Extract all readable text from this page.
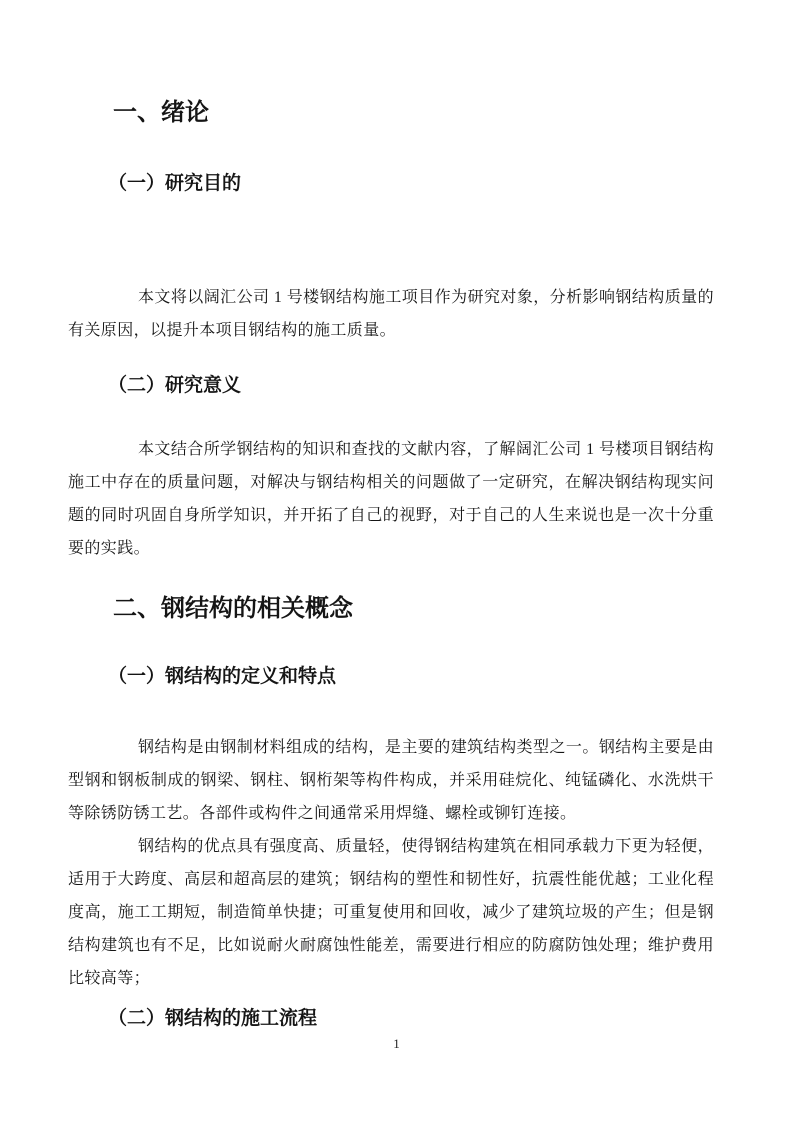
一、绪论
（一）研究目的
本文将以阔汇公司 1 号楼钢结构施工项目作为研究对象，分析影响钢结构质量的有关原因，以提升本项目钢结构的施工质量。
（二）研究意义
本文结合所学钢结构的知识和查找的文献内容，了解阔汇公司 1 号楼项目钢结构施工中存在的质量问题，对解决与钢结构相关的问题做了一定研究，在解决钢结构现实问题的同时巩固自身所学知识，并开拓了自己的视野，对于自己的人生来说也是一次十分重要的实践。
二、钢结构的相关概念
（一）钢结构的定义和特点
钢结构是由钢制材料组成的结构，是主要的建筑结构类型之一。钢结构主要是由型钢和钢板制成的钢梁、钢柱、钢桁架等构件构成，并采用硅烷化、纯锰磷化、水洗烘干等除锈防锈工艺。各部件或构件之间通常采用焊缝、螺栓或铆钉连接。
钢结构的优点具有强度高、质量轻，使得钢结构建筑在相同承载力下更为轻便，适用于大跨度、高层和超高层的建筑；钢结构的塑性和韧性好，抗震性能优越；工业化程度高，施工工期短，制造简单快捷；可重复使用和回收，减少了建筑垃圾的产生；但是钢结构建筑也有不足，比如说耐火耐腐蚀性能差，需要进行相应的防腐防蚀处理；维护费用比较高等；
（二）钢结构的施工流程
1
